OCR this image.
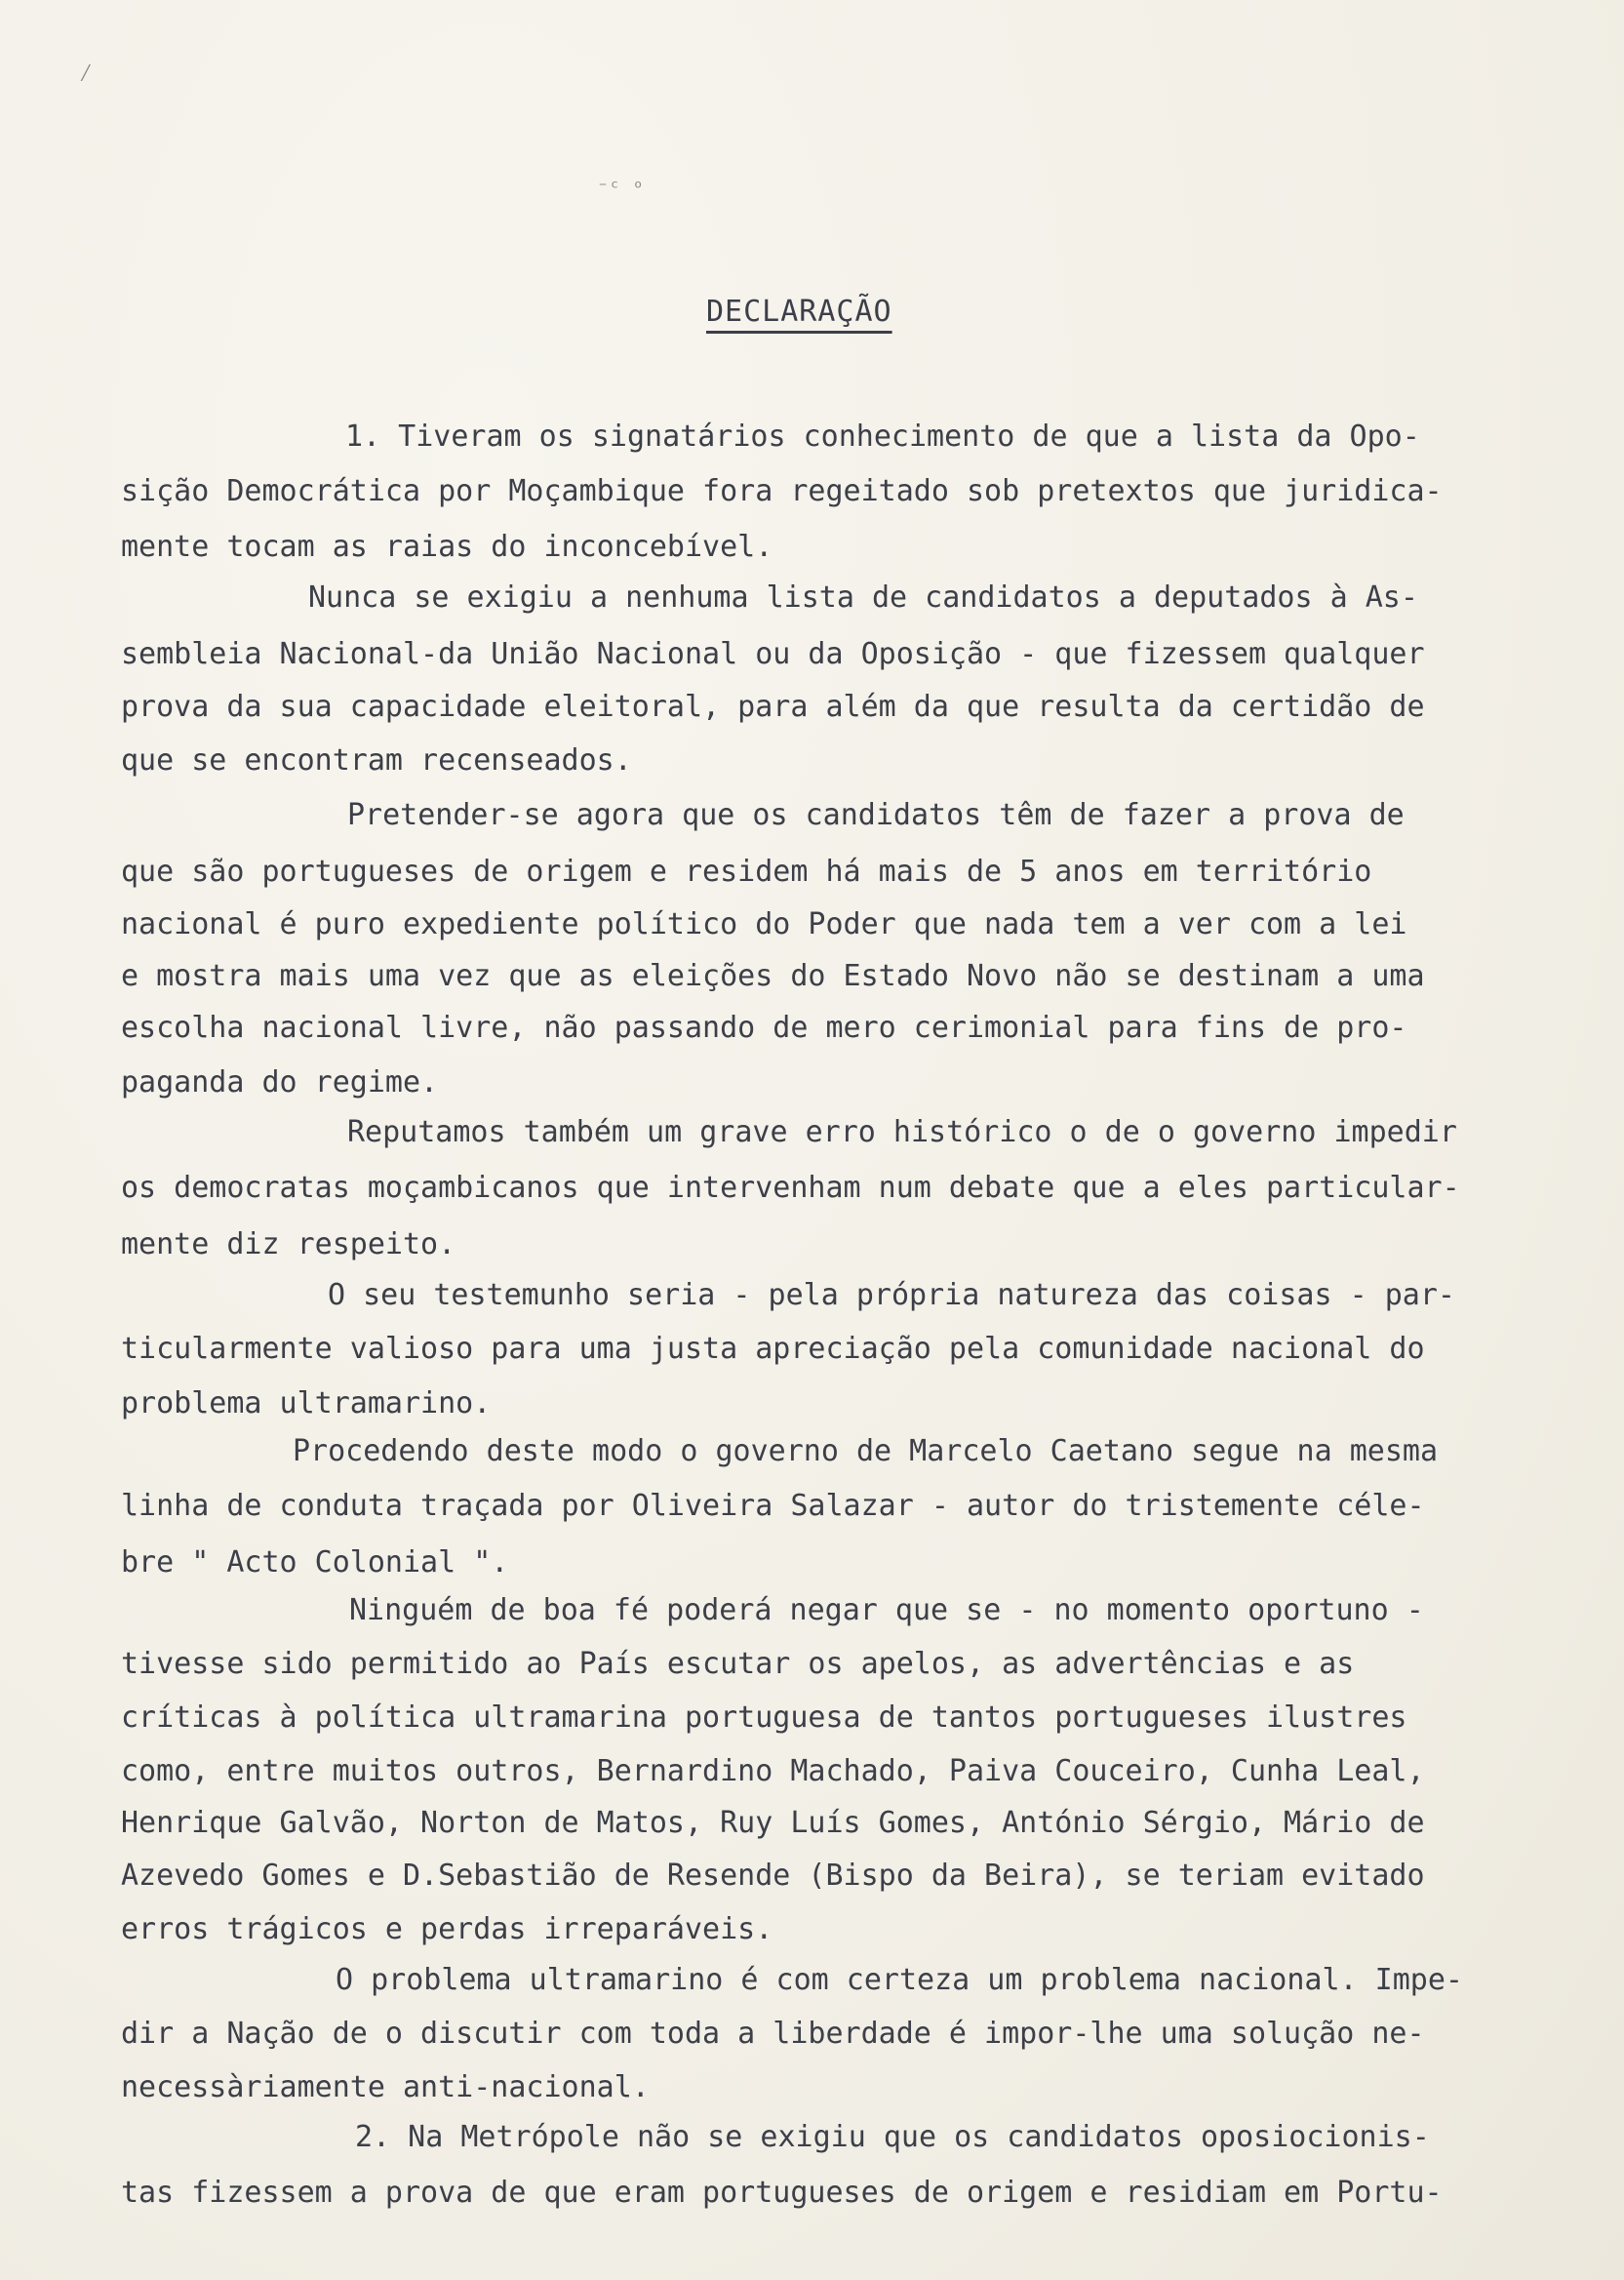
⁄
⁻ᶜ ᵒ
DECLARAÇÃO
1. Tiveram os signatários conhecimento de que a lista da Opo-
sição Democrática por Moçambique fora regeitado sob pretextos que juridica-
mente tocam as raias do inconcebível.
Nunca se exigiu a nenhuma lista de candidatos a deputados à As-
sembleia Nacional-da União Nacional ou da Oposição - que fizessem qualquer
prova da sua capacidade eleitoral, para além da que resulta da certidão de
que se encontram recenseados.
Pretender-se agora que os candidatos têm de fazer a prova de
que são portugueses de origem e residem há mais de 5 anos em território
nacional é puro expediente político do Poder que nada tem a ver com a lei
e mostra mais uma vez que as eleições do Estado Novo não se destinam a uma
escolha nacional livre, não passando de mero cerimonial para fins de pro-
paganda do regime.
Reputamos também um grave erro histórico o de o governo impedir
os democratas moçambicanos que intervenham num debate que a eles particular-
mente diz respeito.
O seu testemunho seria - pela própria natureza das coisas - par-
ticularmente valioso para uma justa apreciação pela comunidade nacional do
problema ultramarino.
Procedendo deste modo o governo de Marcelo Caetano segue na mesma
linha de conduta traçada por Oliveira Salazar - autor do tristemente céle-
bre " Acto Colonial ".
Ninguém de boa fé poderá negar que se - no momento oportuno -
tivesse sido permitido ao País escutar os apelos, as advertências e as
críticas à política ultramarina portuguesa de tantos portugueses ilustres
como, entre muitos outros, Bernardino Machado, Paiva Couceiro, Cunha Leal,
Henrique Galvão, Norton de Matos, Ruy Luís Gomes, António Sérgio, Mário de
Azevedo Gomes e D.Sebastião de Resende (Bispo da Beira), se teriam evitado
erros trágicos e perdas irreparáveis.
O problema ultramarino é com certeza um problema nacional. Impe-
dir a Nação de o discutir com toda a liberdade é impor-lhe uma solução ne-
necessàriamente anti-nacional.
2. Na Metrópole não se exigiu que os candidatos oposiocionis-
tas fizessem a prova de que eram portugueses de origem e residiam em Portu-
